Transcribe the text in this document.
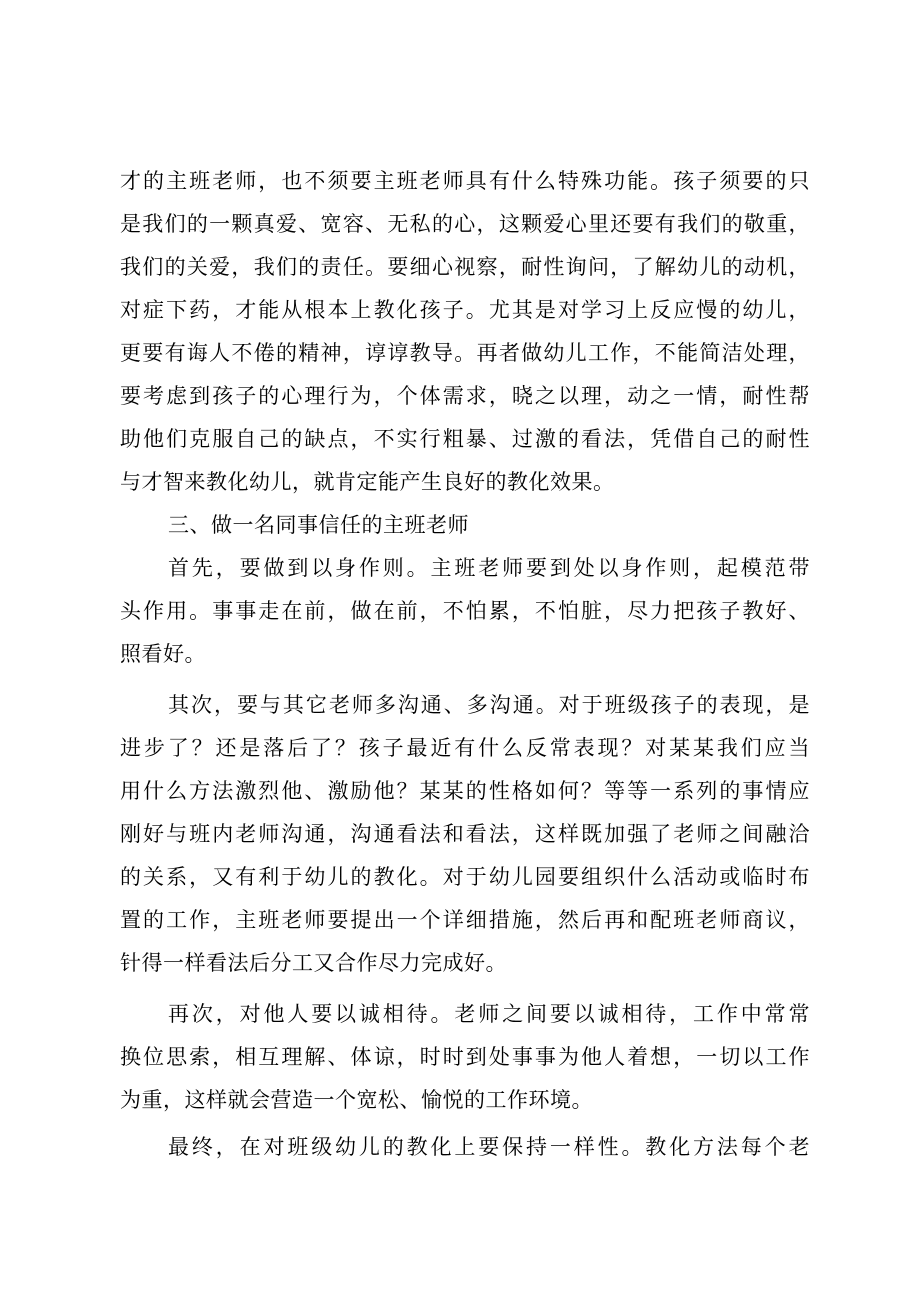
才的主班老师，也不须要主班老师具有什么特殊功能。孩子须要的只
是我们的一颗真爱、宽容、无私的心，这颗爱心里还要有我们的敬重，
我们的关爱，我们的责任。要细心视察，耐性询问，了解幼儿的动机，
对症下药，才能从根本上教化孩子。尤其是对学习上反应慢的幼儿，
更要有诲人不倦的精神，谆谆教导。再者做幼儿工作，不能简洁处理，
要考虑到孩子的心理行为，个体需求，晓之以理，动之一情，耐性帮
助他们克服自己的缺点，不实行粗暴、过激的看法，凭借自己的耐性
与才智来教化幼儿，就肯定能产生良好的教化效果。
三、做一名同事信任的主班老师
首先，要做到以身作则。主班老师要到处以身作则，起模范带
头作用。事事走在前，做在前，不怕累，不怕脏，尽力把孩子教好、
照看好。
其次，要与其它老师多沟通、多沟通。对于班级孩子的表现，是
进步了？还是落后了？孩子最近有什么反常表现？对某某我们应当
用什么方法激烈他、激励他？某某的性格如何？等等一系列的事情应
刚好与班内老师沟通，沟通看法和看法，这样既加强了老师之间融洽
的关系，又有利于幼儿的教化。对于幼儿园要组织什么活动或临时布
置的工作，主班老师要提出一个详细措施，然后再和配班老师商议，
针得一样看法后分工又合作尽力完成好。
再次，对他人要以诚相待。老师之间要以诚相待，工作中常常
换位思索，相互理解、体谅，时时到处事事为他人着想，一切以工作
为重，这样就会营造一个宽松、愉悦的工作环境。
最终，在对班级幼儿的教化上要保持一样性。教化方法每个老
